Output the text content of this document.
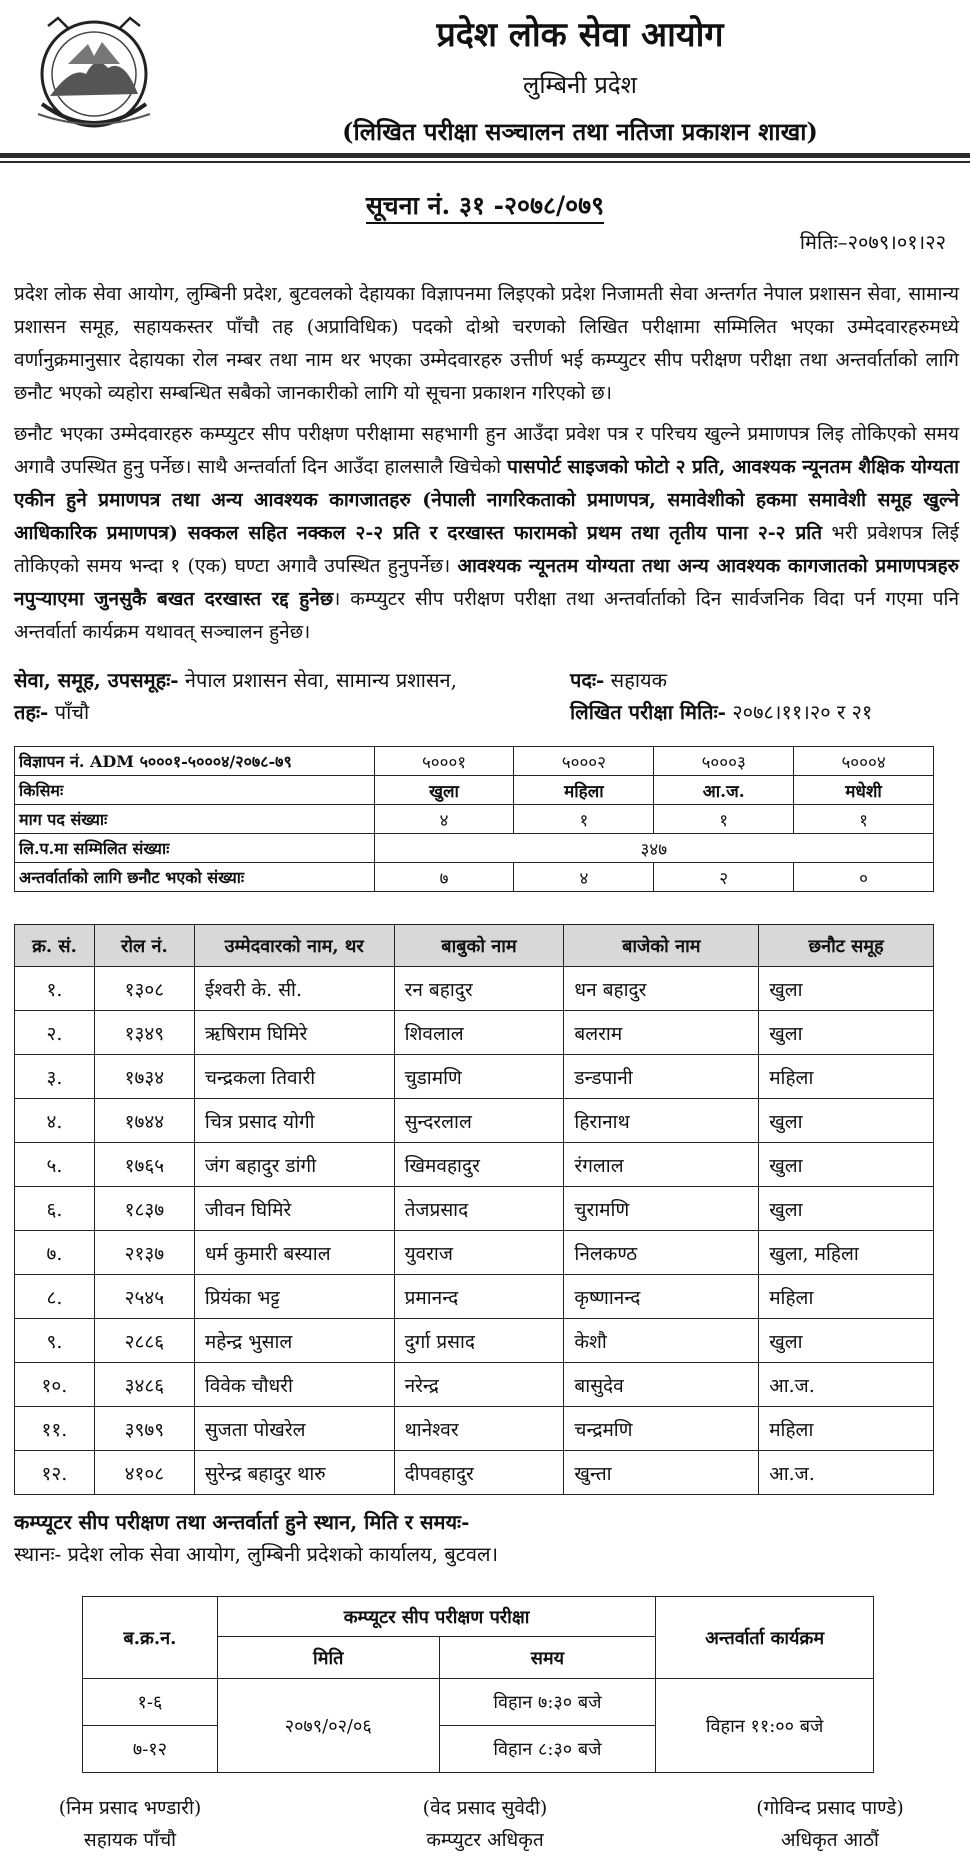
प्रदेश लोक सेवा आयोग
लुम्बिनी प्रदेश
(लिखित परीक्षा सञ्चालन तथा नतिजा प्रकाशन शाखा)
सूचना नं. ३१ -२०७८/०७९
मितिः–२०७९।०१।२२
प्रदेश लोक सेवा आयोग, लुम्बिनी प्रदेश, बुटवलको देहायका विज्ञापनमा लिइएको प्रदेश निजामती सेवा अन्तर्गत नेपाल प्रशासन सेवा, सामान्य प्रशासन समूह, सहायकस्तर पाँचौ तह (अप्राविधिक) पदको दोश्रो चरणको लिखित परीक्षामा सम्मिलित भएका उम्मेदवारहरुमध्ये वर्णानुक्रमानुसार देहायका रोल नम्बर तथा नाम थर भएका उम्मेदवारहरु उत्तीर्ण भई कम्प्युटर सीप परीक्षण परीक्षा तथा अन्तर्वार्ताको लागि छनौट भएको व्यहोरा सम्बन्धित सबैको जानकारीको लागि यो सूचना प्रकाशन गरिएको छ।
छनौट भएका उम्मेदवारहरु कम्प्युटर सीप परीक्षण परीक्षामा सहभागी हुन आउँदा प्रवेश पत्र र परिचय खुल्ने प्रमाणपत्र लिइ तोकिएको समय अगावै उपस्थित हुनु पर्नेछ। साथै अन्तर्वार्ता दिन आउँदा हालसालै खिचेको पासपोर्ट साइजको फोटो २ प्रति, आवश्यक न्यूनतम शैक्षिक योग्यता एकीन हुने प्रमाणपत्र तथा अन्य आवश्यक कागजातहरु (नेपाली नागरिकताको प्रमाणपत्र, समावेशीको हकमा समावेशी समूह खुल्ने आधिकारिक प्रमाणपत्र) सक्कल सहित नक्कल २-२ प्रति र दरखास्त फारामको प्रथम तथा तृतीय पाना २-२ प्रति भरी प्रवेशपत्र लिई तोकिएको समय भन्दा १ (एक) घण्टा अगावै उपस्थित हुनुपर्नेछ। आवश्यक न्यूनतम योग्यता तथा अन्य आवश्यक कागजातको प्रमाणपत्रहरु नपुऱ्याएमा जुनसुकै बखत दरखास्त रद्द हुनेछ। कम्प्युटर सीप परीक्षण परीक्षा तथा अन्तर्वार्ताको दिन सार्वजनिक विदा पर्न गएमा पनि अन्तर्वार्ता कार्यक्रम यथावत् सञ्चालन हुनेछ।
सेवा, समूह, उपसमूहः- नेपाल प्रशासन सेवा, सामान्य प्रशासन,
तहः- पाँचौ
पदः- सहायक
लिखित परीक्षा मितिः- २०७८।११।२० र २१
विज्ञापन नं. ADM ५०००१-५०००४/२०७८-७९	५०००१	५०००२	५०००३	५०००४
किसिमः	खुला	महिला	आ.ज.	मधेशी
माग पद संख्याः	४	१	१	१
लि.प.मा सम्मिलित संख्याः	३४७			
अन्तर्वार्ताको लागि छनौट भएको संख्याः	७	४	२	०
क्र. सं.	रोल नं.	उम्मेदवारको नाम, थर	बाबुको नाम	बाजेको नाम	छनौट समूह
१.	१३०८	ईश्वरी के. सी.	रन बहादुर	धन बहादुर	खुला
२.	१३४९	ऋषिराम घिमिरे	शिवलाल	बलराम	खुला
३.	१७३४	चन्द्रकला तिवारी	चुडामणि	डन्डपानी	महिला
४.	१७४४	चित्र प्रसाद योगी	सुन्दरलाल	हिरानाथ	खुला
५.	१७६५	जंग बहादुर डांगी	खिमवहादुर	रंगलाल	खुला
६.	१८३७	जीवन घिमिरे	तेजप्रसाद	चुरामणि	खुला
७.	२१३७	धर्म कुमारी बस्याल	युवराज	निलकण्ठ	खुला, महिला
८.	२५४५	प्रियंका भट्ट	प्रमानन्द	कृष्णानन्द	महिला
९.	२८८६	महेन्द्र भुसाल	दुर्गा प्रसाद	केशौ	खुला
१०.	३४८६	विवेक चौधरी	नरेन्द्र	बासुदेव	आ.ज.
११.	३९७९	सुजता पोखरेल	थानेश्वर	चन्द्रमणि	महिला
१२.	४१०८	सुरेन्द्र बहादुर थारु	दीपवहादुर	खुन्ता	आ.ज.
कम्प्यूटर सीप परीक्षण तथा अन्तर्वार्ता हुने स्थान, मिति र समयः-
स्थानः- प्रदेश लोक सेवा आयोग, लुम्बिनी प्रदेशको कार्यालय, बुटवल।
ब.क्र.न.	कम्प्यूटर सीप परीक्षण परीक्षा		अन्तर्वार्ता कार्यक्रम
	मिति	समय	
१-६	२०७९/०२/०६	विहान ७:३० बजे	विहान ११:०० बजे
७-१२		विहान ८:३० बजे	
(निम प्रसाद भण्डारी)
सहायक पाँचौ
(वेद प्रसाद सुवेदी)
कम्प्युटर अधिकृत
(गोविन्द प्रसाद पाण्डे)
अधिकृत आठौं
